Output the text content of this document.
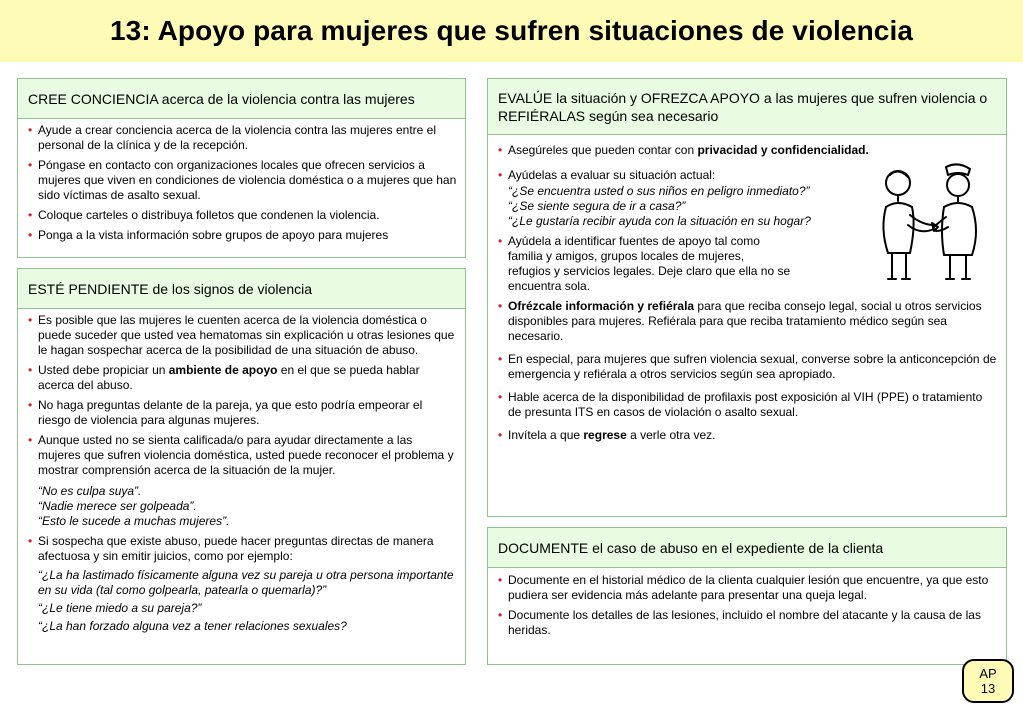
13: Apoyo para mujeres que sufren situaciones de violencia
CREE CONCIENCIA acerca de la violencia contra las mujeres
• Ayude a crear conciencia acerca de la violencia contra las mujeres entre el personal de la clínica y de la recepción.
• Póngase en contacto con organizaciones locales que ofrecen servicios a mujeres que viven en condiciones de violencia doméstica o a mujeres que han sido víctimas de asalto sexual.
• Coloque carteles o distribuya folletos que condenen la violencia.
• Ponga a la vista información sobre grupos de apoyo para mujeres
ESTÉ PENDIENTE de los signos de violencia
• Es posible que las mujeres le cuenten acerca de la violencia doméstica o puede suceder que usted vea hematomas sin explicación u otras lesiones que le hagan sospechar acerca de la posibilidad de una situación de abuso.
• Usted debe propiciar un ambiente de apoyo en el que se pueda hablar acerca del abuso.
• No haga preguntas delante de la pareja, ya que esto podría empeorar el riesgo de violencia para algunas mujeres.
• Aunque usted no se sienta calificada/o para ayudar directamente a las mujeres que sufren violencia doméstica, usted puede reconocer el problema y mostrar comprensión acerca de la situación de la mujer.
“No es culpa suya”.
“Nadie merece ser golpeada”.
“Esto le sucede a muchas mujeres”.
• Si sospecha que existe abuso, puede hacer preguntas directas de manera afectuosa y sin emitir juicios, como por ejemplo:
“¿La ha lastimado físicamente alguna vez su pareja u otra persona importante en su vida (tal como golpearla, patearla o quemarla)?”
“¿Le tiene miedo a su pareja?”
“¿La han forzado alguna vez a tener relaciones sexuales?
EVALÚE la situación y OFREZCA APOYO a las mujeres que sufren violencia o REFIÉRALAS según sea necesario
• Asegúreles que pueden contar con privacidad y confidencialidad.
• Ayúdelas a evaluar su situación actual:
“¿Se encuentra usted o sus niños en peligro inmediato?”
“¿Se siente segura de ir a casa?”
“¿Le gustaría recibir ayuda con la situación en su hogar?
• Ayúdela a identificar fuentes de apoyo tal como
familia y amigos, grupos locales de mujeres,
refugios y servicios legales. Deje claro que ella no se
encuentra sola.
• Ofrézcale información y refiérala para que reciba consejo legal, social u otros servicios disponibles para mujeres. Refiérala para que reciba tratamiento médico según sea necesario.
• En especial, para mujeres que sufren violencia sexual, converse sobre la anticoncepción de emergencia y refiérala a otros servicios según sea apropiado.
• Hable acerca de la disponibilidad de profilaxis post exposición al VIH (PPE) o tratamiento de presunta ITS en casos de violación o asalto sexual.
• Invítela a que regrese a verle otra vez.
DOCUMENTE el caso de abuso en el expediente de la clienta
• Documente en el historial médico de la clienta cualquier lesión que encuentre, ya que esto pudiera ser evidencia más adelante para presentar una queja legal.
• Documente los detalles de las lesiones, incluido el nombre del atacante y la causa de las heridas.
AP
13
